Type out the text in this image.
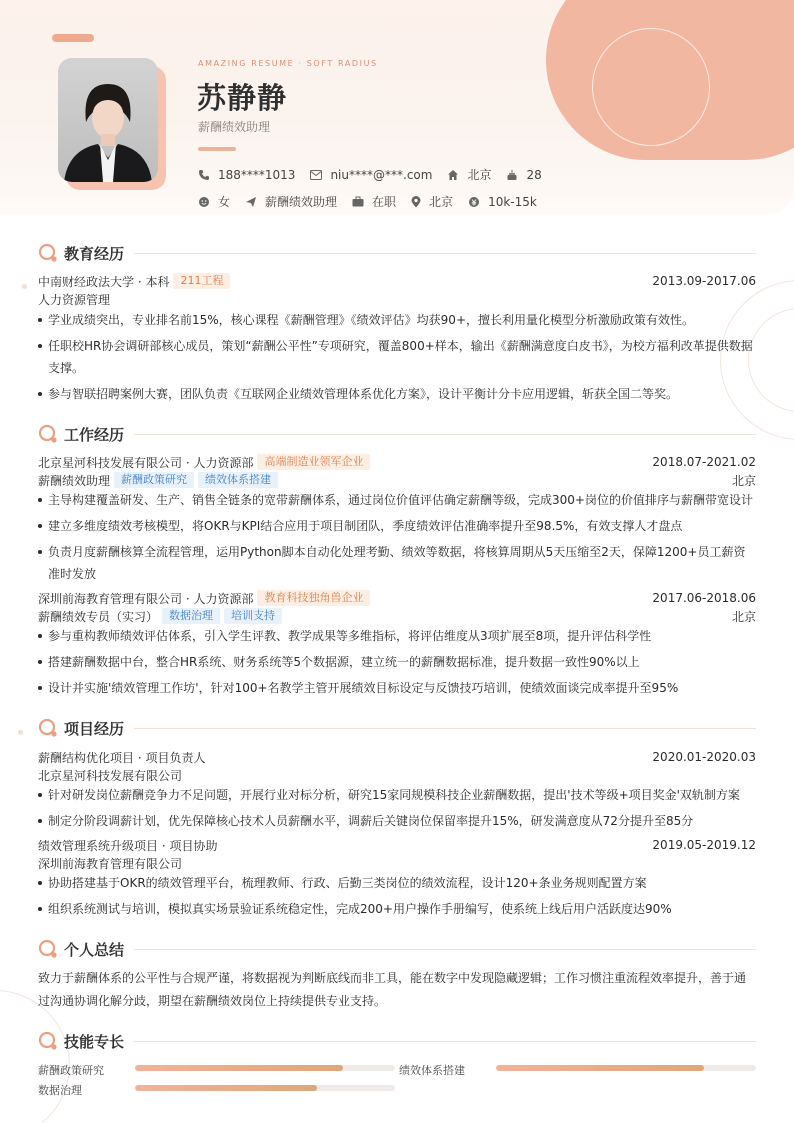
AMAZING RESUME · SOFT RADIUS
苏静静
薪酬绩效助理
188****1013	niu****@***.com	北京	28
女	薪酬绩效助理	在职	北京	10k-15k
教育经历
中南财经政法大学 · 本科	211工程	2013.09-2017.06
人力资源管理
学业成绩突出，专业排名前15%，核心课程《薪酬管理》《绩效评估》均获90+，擅长利用量化模型分析激励政策有效性。
任职校HR协会调研部核心成员，策划“薪酬公平性”专项研究，覆盖800+样本，输出《薪酬满意度白皮书》，为校方福利改革提供数据支撑。
参与智联招聘案例大赛，团队负责《互联网企业绩效管理体系优化方案》，设计平衡计分卡应用逻辑，斩获全国二等奖。
工作经历
北京星河科技发展有限公司 · 人力资源部	高端制造业领军企业	2018.07-2021.02
薪酬绩效助理	薪酬政策研究	绩效体系搭建	北京
主导构建覆盖研发、生产、销售全链条的宽带薪酬体系，通过岗位价值评估确定薪酬等级，完成300+岗位的价值排序与薪酬带宽设计
建立多维度绩效考核模型，将OKR与KPI结合应用于项目制团队，季度绩效评估准确率提升至98.5%，有效支撑人才盘点
负责月度薪酬核算全流程管理，运用Python脚本自动化处理考勤、绩效等数据，将核算周期从5天压缩至2天，保障1200+员工薪资准时发放
深圳前海教育管理有限公司 · 人力资源部	教育科技独角兽企业	2017.06-2018.06
薪酬绩效专员（实习）	数据治理	培训支持	北京
参与重构教师绩效评估体系，引入学生评教、教学成果等多维指标，将评估维度从3项扩展至8项，提升评估科学性
搭建薪酬数据中台，整合HR系统、财务系统等5个数据源，建立统一的薪酬数据标准，提升数据一致性90%以上
设计并实施'绩效管理工作坊'，针对100+名教学主管开展绩效目标设定与反馈技巧培训，使绩效面谈完成率提升至95%
项目经历
薪酬结构优化项目 · 项目负责人	2020.01-2020.03
北京星河科技发展有限公司
针对研发岗位薪酬竞争力不足问题，开展行业对标分析，研究15家同规模科技企业薪酬数据，提出'技术等级+项目奖金'双轨制方案
制定分阶段调薪计划，优先保障核心技术人员薪酬水平，调薪后关键岗位保留率提升15%，研发满意度从72分提升至85分
绩效管理系统升级项目 · 项目协助	2019.05-2019.12
深圳前海教育管理有限公司
协助搭建基于OKR的绩效管理平台，梳理教师、行政、后勤三类岗位的绩效流程，设计120+条业务规则配置方案
组织系统测试与培训，模拟真实场景验证系统稳定性，完成200+用户操作手册编写，使系统上线后用户活跃度达90%
个人总结
致力于薪酬体系的公平性与合规严谨，将数据视为判断底线而非工具，能在数字中发现隐藏逻辑；工作习惯注重流程效率提升，善于通过沟通协调化解分歧，期望在薪酬绩效岗位上持续提供专业支持。
技能专长
薪酬政策研究	绩效体系搭建
数据治理
